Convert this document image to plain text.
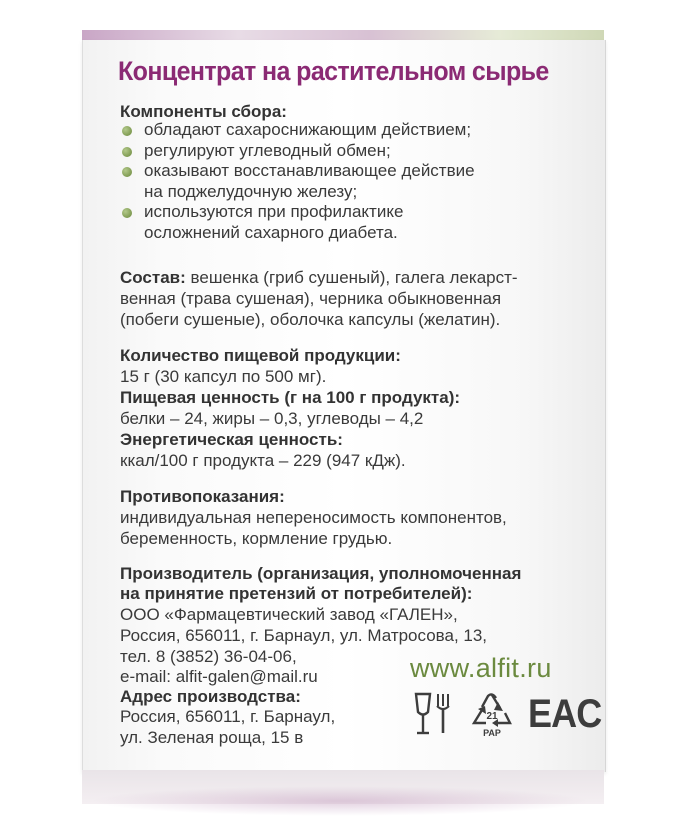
Концентрат на растительном сырье
Компоненты сбора:
обладают сахароснижающим действием;
регулируют углеводный обмен;
оказывают восстанавливающее действие
на поджелудочную железу;
используются при профилактике
осложнений сахарного диабета.
Состав: вешенка (гриб сушеный), галега лекарст-
венная (трава сушеная), черника обыкновенная
(побеги сушеные), оболочка капсулы (желатин).
Количество пищевой продукции:
15 г (30 капсул по 500 мг).
Пищевая ценность (г на 100 г продукта):
белки – 24, жиры – 0,3, углеводы – 4,2
Энергетическая ценность:
ккал/100 г продукта – 229 (947 кДж).
Противопоказания:
индивидуальная непереносимость компонентов,
беременность, кормление грудью.
Производитель (организация, уполномоченная
на принятие претензий от потребителей):
ООО «Фармацевтический завод «ГАЛЕН»,
Россия, 656011, г. Барнаул, ул. Матросова, 13,
тел. 8 (3852) 36-04-06,
e-mail: alfit-galen@mail.ru
Адрес производства:
Россия, 656011, г. Барнаул,
ул. Зеленая роща, 15 в
www.alfit.ru
21
PAP EAC
